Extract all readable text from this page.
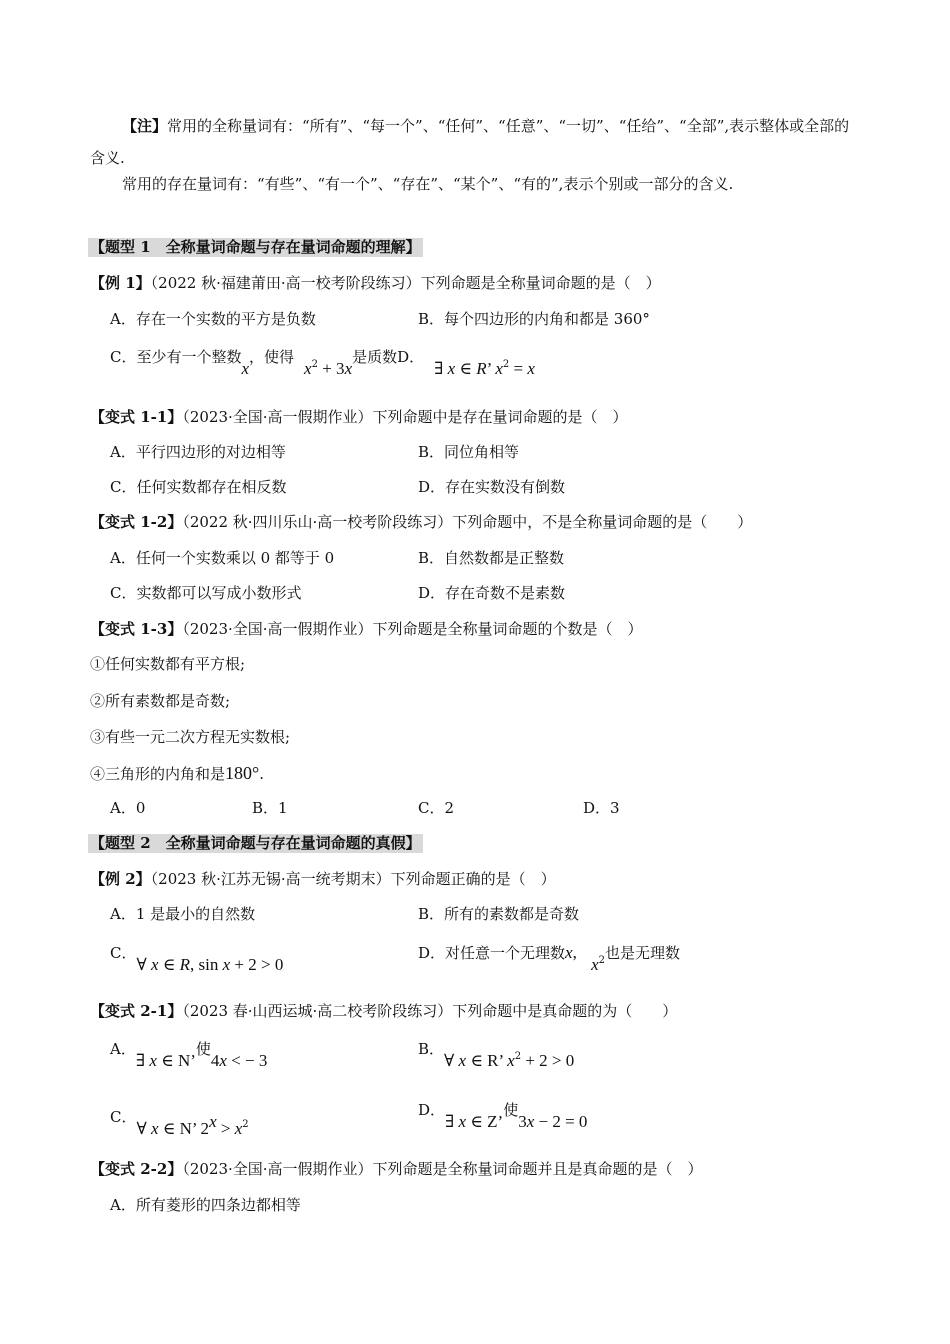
【注】常用的全称量词有：“所有”、“每一个”、“任何”、“任意”、“一切”、“任给”、“全部”,表示整体或全部的含义.
常用的存在量词有：“有些”、“有一个”、“存在”、“某个”、“有的”,表示个别或一部分的含义.
【题型 1　全称量词命题与存在量词命题的理解】
【例 1】（2022 秋·福建莆田·高一校考阶段练习）下列命题是全称量词命题的是（　）
A．存在一个实数的平方是负数	B．每个四边形的内角和都是 360°
C．至少有一个整数x，使得$x^2 + 3x$是质数D．∃ x ∈ R’ $x^2 = x$
【变式 1-1】（2023·全国·高一假期作业）下列命题中是存在量词命题的是（　）
A．平行四边形的对边相等	B．同位角相等
C．任何实数都存在相反数	D．存在实数没有倒数
【变式 1-2】（2022 秋·四川乐山·高一校考阶段练习）下列命题中，不是全称量词命题的是（　　）
A．任何一个实数乘以 0 都等于 0	B．自然数都是正整数
C．实数都可以写成小数形式	D．存在奇数不是素数
【变式 1-3】（2023·全国·高一假期作业）下列命题是全称量词命题的个数是（　）
①任何实数都有平方根;
②所有素数都是奇数;
③有些一元二次方程无实数根;
④三角形的内角和是180°.
A．0	B．1	C．2	D．3
【题型 2　全称量词命题与存在量词命题的真假】
【例 2】（2023 秋·江苏无锡·高一统考期末）下列命题正确的是（　）
A．1 是最小的自然数	B．所有的素数都是奇数
C．∀ x ∈ R, sin x + 2 > 0
D．对任意一个无理数x, $x^2$也是无理数
【变式 2-1】（2023 春·山西运城·高二校考阶段练习）下列命题中是真命题的为（　　）
A．∃ x ∈ N’使4x < − 3
B．∀ x ∈ R’ $x^2 + 2 > 0$
C．∀ x ∈ N’ $2^x > x^2$
D．∃ x ∈ Z’使3x − 2 = 0
【变式 2-2】（2023·全国·高一假期作业）下列命题是全称量词命题并且是真命题的是（　）
A．所有菱形的四条边都相等
